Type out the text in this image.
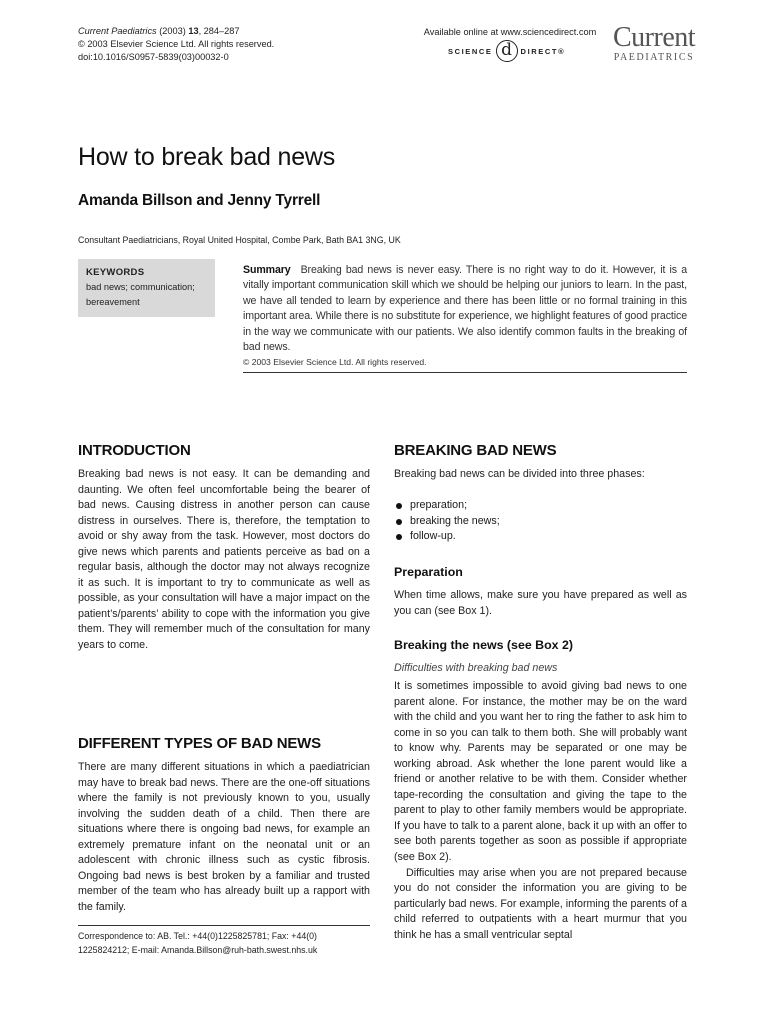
Current Paediatrics (2003) 13, 284–287
© 2003 Elsevier Science Ltd. All rights reserved.
doi:10.1016/S0957-5839(03)00032-0
Available online at www.sciencedirect.com
SCIENCE d	DIRECT® Current
PAEDIATRICS
How to break bad news
Amanda Billson and Jenny Tyrrell
Consultant Paediatricians, Royal United Hospital, Combe Park, Bath BA1 3NG, UK
KEYWORDS
bad news; communication;
bereavement
Summary Breaking bad news is never easy. There is no right way to do it. However, it is a vitally important communication skill which we should be helping our juniors to learn. In the past, we have all tended to learn by experience and there has been little or no formal training in this important area. While there is no substitute for experience, we highlight features of good practice in the way we communicate with our patients. We also identify common faults in the breaking of bad news.
© 2003 Elsevier Science Ltd. All rights reserved.
INTRODUCTION

Breaking bad news is not easy. It can be demanding and daunting. We often feel uncomfortable being the bearer of bad news. Causing distress in another person can cause distress in ourselves. There is, therefore, the temptation to avoid or shy away from the task. However, most doctors do give news which parents and patients perceive as bad on a regular basis, although the doctor may not always recognize it as such. It is important to try to communicate as well as possible, as your consultation will have a major impact on the patient’s/parents’ ability to cope with the information you give them. They will remember much of the consultation for many years to come.

DIFFERENT TYPES OF BAD NEWS

There are many different situations in which a paediatrician may have to break bad news. There are the one-off situations where the family is not previously known to you, usually involving the sudden death of a child. Then there are situations where there is ongoing bad news, for example an extremely premature infant on the neonatal unit or an adolescent with chronic illness such as cystic fibrosis. Ongoing bad news is best broken by a familiar and trusted member of the team who has already built up a rapport with the family.

Correspondence to: AB. Tel.: +44(0)1225825781; Fax: +44(0) 1225824212; E-mail: Amanda.Billson@ruh-bath.swest.nhs.uk
BREAKING BAD NEWS
Breaking bad news can be divided into three phases:
preparation;
breaking the news;
follow-up.
Preparation
When time allows, make sure you have prepared as well as you can (see Box 1).
Breaking the news (see Box 2)
Difficulties with breaking bad news

It is sometimes impossible to avoid giving bad news to one parent alone. For instance, the mother may be on the ward with the child and you want her to ring the father to ask him to come in so you can talk to them both. She will probably want to know why. Parents may be separated or one may be working abroad. Ask whether the lone parent would like a friend or another relative to be with them. Consider whether tape-recording the consultation and giving the tape to the parent to play to other family members would be appropriate. If you have to talk to a parent alone, back it up with an offer to see both parents together as soon as possible if appropriate (see Box 2).

Difficulties may arise when you are not prepared because you do not consider the information you are giving to be particularly bad news. For example, informing the parents of a child referred to outpatients with a heart murmur that you think he has a small ventricular septal
